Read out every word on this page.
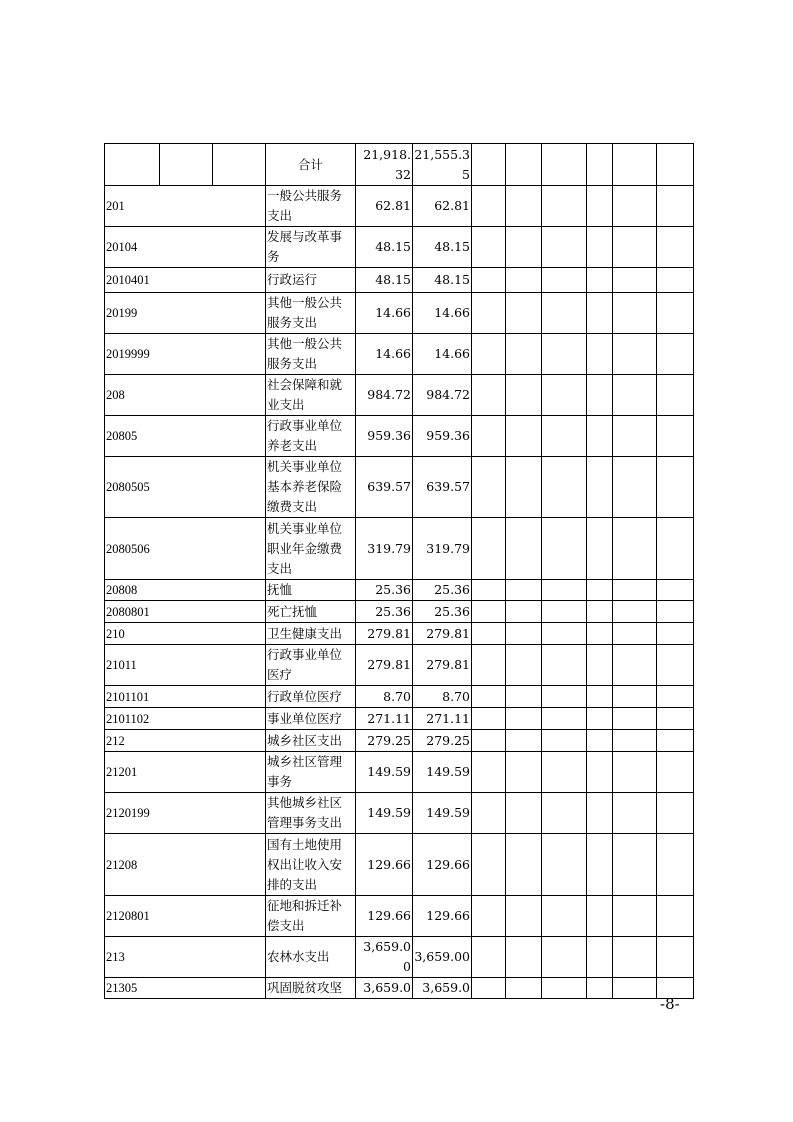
			合计	21,918.32	21,555.35						
201			一般公共服务支出	62.81	62.81						
20104			发展与改革事务	48.15	48.15						
2010401			行政运行	48.15	48.15						
20199			其他一般公共服务支出	14.66	14.66						
2019999			其他一般公共服务支出	14.66	14.66						
208			社会保障和就业支出	984.72	984.72						
20805			行政事业单位养老支出	959.36	959.36						
2080505			机关事业单位基本养老保险缴费支出	639.57	639.57						
2080506			机关事业单位职业年金缴费支出	319.79	319.79						
20808			抚恤	25.36	25.36						
2080801			死亡抚恤	25.36	25.36						
210			卫生健康支出	279.81	279.81						
21011			行政事业单位医疗	279.81	279.81						
2101101			行政单位医疗	8.70	8.70						
2101102			事业单位医疗	271.11	271.11						
212			城乡社区支出	279.25	279.25						
21201			城乡社区管理事务	149.59	149.59						
2120199			其他城乡社区管理事务支出	149.59	149.59						
21208			国有土地使用权出让收入安排的支出	129.66	129.66						
2120801			征地和拆迁补偿支出	129.66	129.66						
213			农林水支出	3,659.00	3,659.00						
21305			巩固脱贫攻坚	3,659.0	3,659.0						
-8-
